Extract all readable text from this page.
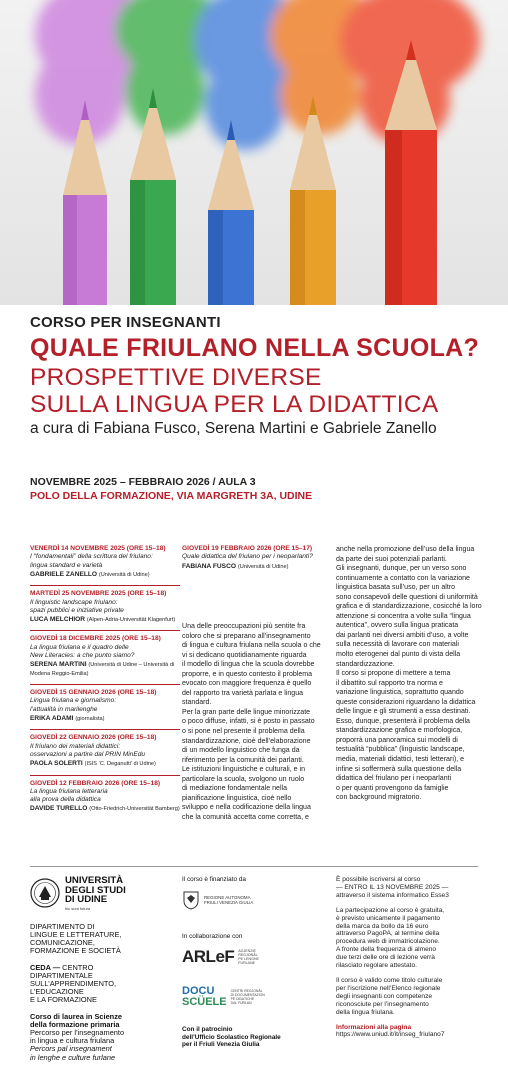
CORSO PER INSEGNANTI
QUALE FRIULANO NELLA SCUOLA?
PROSPETTIVE DIVERSE
SULLA LINGUA PER LA DIDATTICA
a cura di Fabiana Fusco, Serena Martini e Gabriele Zanello
NOVEMBRE 2025 – FEBBRAIO 2026 / AULA 3
POLO DELLA FORMAZIONE, VIA MARGRETH 3A, UDINE
VENERDÌ 14 NOVEMBRE 2025 (ORE 15–18)
I “fondamentali” della scrittura del friulano:
lingua standard e varietà
GABRIELE ZANELLO (Università di Udine)
MARTEDÌ 25 NOVEMBRE 2025 (ORE 15–18)
Il linguistic landscape friulano:
spazi pubblici e iniziative private
LUCA MELCHIOR (Alpen-Adria-Universität Klagenfurt)
GIOVEDÌ 18 DICEMBRE 2025 (ORE 15–18)
La lingua friulana e il quadro delle
New Literacies: a che punto siamo?
SERENA MARTINI (Università di Udine – Università di Modena Reggio-Emilia)
GIOVEDÌ 15 GENNAIO 2026 (ORE 15–18)
Lingua friulana e giornalismo:
l’attualità in marilenghe
ERIKA ADAMI (giornalista)
GIOVEDÌ 22 GENNAIO 2026 (ORE 15–18)
Il friulano dei materiali didattici:
osservazioni a partire dal PRIN MinEdu
PAOLA SOLERTI (ISIS ‘C. Deganutti’ di Udine)
GIOVEDÌ 12 FEBBRAIO 2026 (ORE 15–18)
La lingua friulana letteraria
alla prova della didattica
DAVIDE TURELLO (Otto-Friedrich-Universität Bamberg)
GIOVEDÌ 19 FEBBRAIO 2026 (ORE 15–17)
Quale didattica del friulano per i neoparlanti?
FABIANA FUSCO (Università di Udine)

Una delle preoccupazioni più sentite fra

coloro che si preparano all’insegnamento

di lingua e cultura friulana nella scuola o che

vi si dedicano quotidianamente riguarda

il modello di lingua che la scuola dovrebbe

proporre, e in questo contesto il problema

evocato con maggiore frequenza è quello

del rapporto tra varietà parlata e lingua

standard.

Per la gran parte delle lingue minorizzate

o poco diffuse, infatti, si è posto in passato

o si pone nel presente il problema della

standardizzazione, cioè dell’elaborazione

di un modello linguistico che funga da

riferimento per la comunità dei parlanti.

Le istituzioni linguistiche e culturali, e in

particolare la scuola, svolgono un ruolo

di mediazione fondamentale nella

pianificazione linguistica, cioè nello

sviluppo e nella codificazione della lingua

che la comunità accetta come corretta, e

anche nella promozione dell’uso della lingua

da parte dei suoi potenziali parlanti.

Gli insegnanti, dunque, per un verso sono

continuamente a contatto con la variazione

linguistica basata sull’uso, per un altro

sono consapevoli delle questioni di uniformità

grafica e di standardizzazione, cosicché la loro

attenzione si concentra a volte sulla “lingua

autentica”, ovvero sulla lingua praticata

dai parlanti nei diversi ambiti d’uso, a volte

sulla necessità di lavorare con materiali

molto eterogenei dal punto di vista della

standardizzazione.

Il corso si propone di mettere a tema

il dibattito sul rapporto tra norma e

variazione linguistica, soprattutto quando

queste considerazioni riguardano la didattica

delle lingue e gli strumenti a essa destinati.

Esso, dunque, presenterà il problema della

standardizzazione grafica e morfologica,

proporrà una panoramica sui modelli di

testualità “pubblica” (linguistic landscape,

media, materiali didattici, testi letterari), e

infine si soffermerà sulla questione della

didattica del friulano per i neoparlanti

o per quanti provengono da famiglie

con background migratorio.

UNIVERSITÀ
DEGLI STUDI
DI UDINE
hic sunt futura
DIPARTIMENTO DI
LINGUE E LETTERATURE,
COMUNICAZIONE,
FORMAZIONE E SOCIETÀ
CEDA — CENTRO
DIPARTIMENTALE
SULL’APPRENDIMENTO,
L’EDUCAZIONE
E LA FORMAZIONE
Corso di laurea in Scienze
della formazione primaria
Percorso per l’insegnamento
in lingua e cultura friulana
Percors pal insegnament
in lenghe e culture furlane
Il corso è finanziato da
REGIONE AUTONOMA
FRIULI VENEZIA GIULIA
In collaborazione con
ARLeF AGJENZIE
REGJONÂL
PE LENGHE
FURLANE
DOCU
SCÜELE
CENTRI REGJONÂL
DI DOCUMENTAZION
PE DIDATICHE
DAL FURLAN
Con il patrocinio
dell’Ufficio Scolastico Regionale
per il Friuli Venezia Giulia

È possibile iscriversi al corso
— ENTRO IL 13 NOVEMBRE 2025 —
attraverso il sistema informatico Esse3

La partecipazione al corso è gratuita,
è previsto unicamente il pagamento
della marca da bollo da 16 euro
attraverso PagoPA, al termine della
procedura web di immatricolazione.
A fronte della frequenza di almeno
due terzi delle ore di lezione verrà
rilasciato regolare attestato.

Il corso è valido come titolo culturale
per l’iscrizione nell’Elenco regionale
degli insegnanti con competenze
riconosciute per l’insegnamento
della lingua friulana.

Informazioni alla pagina
https://www.uniud.it/it/inseg_friulano7
